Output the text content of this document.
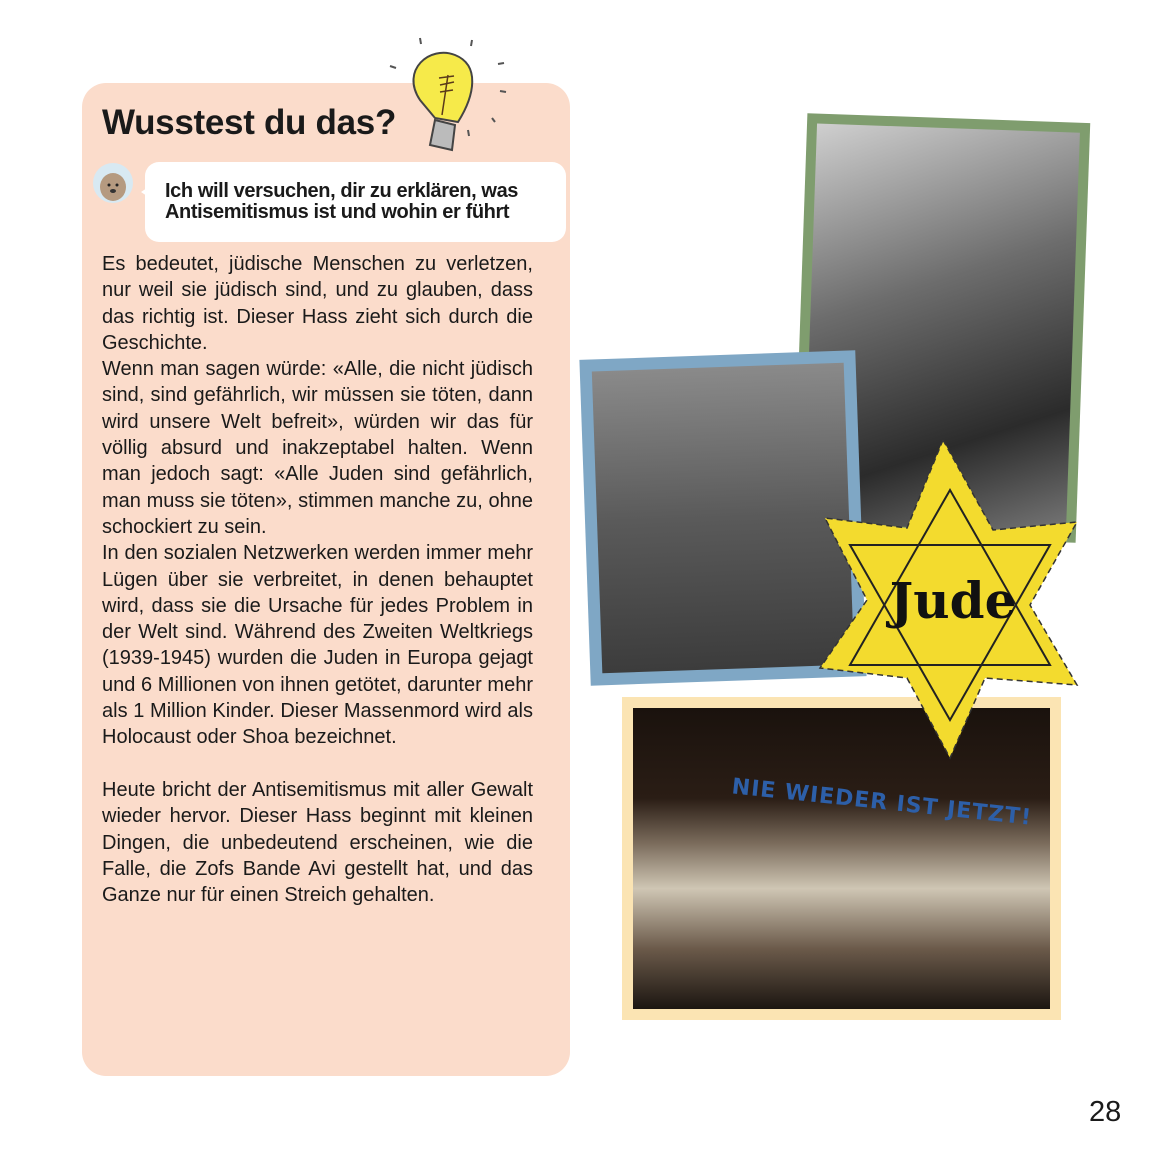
Wusstest du das?
Ich will versuchen, dir zu erklären, was
Antisemitismus ist und wohin er führt

Es bedeutet, jüdische Menschen zu verletzen, nur weil sie jüdisch sind, und zu glauben, dass das richtig ist. Dieser Hass zieht sich durch die Geschichte.

Wenn man sagen würde: «Alle, die nicht jüdisch sind, sind gefährlich, wir müssen sie töten, dann wird unsere Welt befreit», würden wir das für völlig absurd und inakzeptabel halten. Wenn man jedoch sagt: «Alle Juden sind gefährlich, man muss sie töten», stimmen manche zu, ohne schockiert zu sein.

In den sozialen Netzwerken werden immer mehr Lügen über sie verbreitet, in denen behauptet wird, dass sie die Ursache für jedes Problem in der Welt sind. Während des Zweiten Weltkriegs (1939-1945) wurden die Juden in Europa gejagt und 6 Millionen von ihnen getötet, darunter mehr als 1 Million Kinder. Dieser Massenmord wird als Holocaust oder Shoa bezeichnet.

Heute bricht der Antisemitismus mit aller Gewalt wieder hervor. Dieser Hass beginnt mit kleinen Dingen, die unbedeutend erscheinen, wie die Falle, die Zofs Bande Avi gestellt hat, und das Ganze nur für einen Streich gehalten.

NIE WIEDER IST JETZT!
Jude
28
